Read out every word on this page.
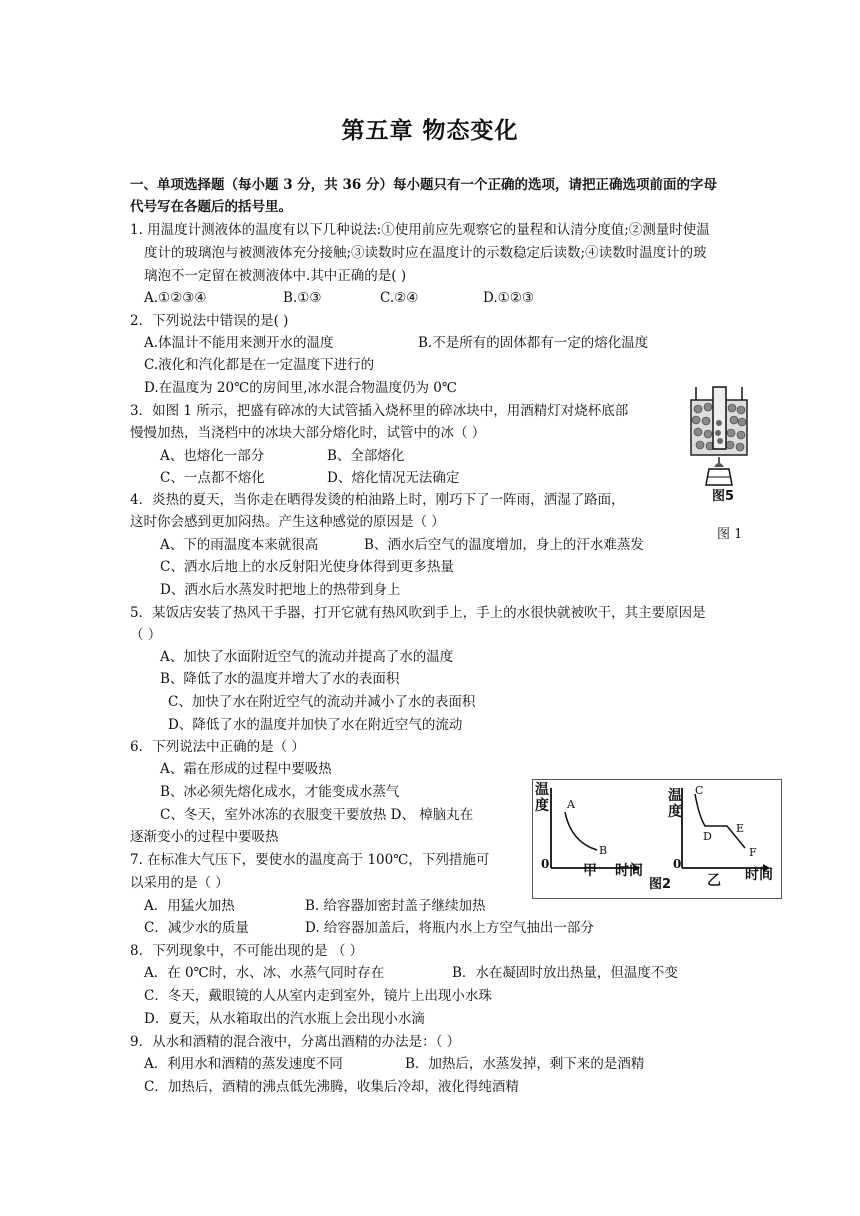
第五章 物态变化
一、单项选择题（每小题 3 分，共 36 分）每小题只有一个正确的选项，请把正确选项前面的字母
代号写在各题后的括号里。
1. 用温度计测液体的温度有以下几种说法:①使用前应先观察它的量程和认清分度值;②测量时使温
度计的玻璃泡与被测液体充分接触;③读数时应在温度计的示数稳定后读数;④读数时温度计的玻
璃泡不一定留在被测液体中.其中正确的是( )
A.①②③④	B.①③	C.②④	D.①②③
2．下列说法中错误的是( )
A.体温计不能用来测开水的温度	B.不是所有的固体都有一定的熔化温度
C.液化和汽化都是在一定温度下进行的
D.在温度为 20℃的房间里,冰水混合物温度仍为 0℃
3．如图 1 所示，把盛有碎冰的大试管插入烧杯里的碎冰块中，用酒精灯对烧杯底部
慢慢加热，当浇档中的冰块大部分熔化时，试管中的冰（ ）
A、也熔化一部分	B、全部熔化
C、一点都不熔化	D、熔化情况无法确定
图5
图 1
4．炎热的夏天，当你走在晒得发烫的柏油路上时，刚巧下了一阵雨，洒湿了路面，
这时你会感到更加闷热。产生这种感觉的原因是（ ）
A、下的雨温度本来就很高	B、洒水后空气的温度增加，身上的汗水难蒸发
C、洒水后地上的水反射阳光使身体得到更多热量
D、洒水后水蒸发时把地上的热带到身上
5．某饭店安装了热风干手器，打开它就有热风吹到手上，手上的水很快就被吹干，其主要原因是
（ ）
A、加快了水面附近空气的流动并提高了水的温度
B、降低了水的温度并增大了水的表面积
C、加快了水在附近空气的流动并减小了水的表面积
D、降低了水的温度并加快了水在附近空气的流动
6．下列说法中正确的是（ ）
A、霜在形成的过程中要吸热
B、冰必须先熔化成水，才能变成水蒸气
C、冬天，室外冰冻的衣服变干要放热 D、 樟脑丸在
逐渐变小的过程中要吸热
温度
温度
0	0
A
B
C
D
E
F
甲 时间
乙 时间
图2
7. 在标准大气压下，要使水的温度高于 100℃，下列措施可
以采用的是（ ）
A．用猛火加热	B. 给容器加密封盖子继续加热
C．减少水的质量	D. 给容器加盖后，将瓶内水上方空气抽出一部分
8．下列现象中，不可能出现的是 （ ）
A．在 0℃时，水、冰、水蒸气同时存在	B．水在凝固时放出热量，但温度不变
C．冬天，戴眼镜的人从室内走到室外，镜片上出现小水珠
D．夏天，从水箱取出的汽水瓶上会出现小水滴
9．从水和酒精的混合液中，分离出酒精的办法是：（ ）
A．利用水和酒精的蒸发速度不同	B．加热后，水蒸发掉，剩下来的是酒精
C．加热后，酒精的沸点低先沸腾，收集后冷却，液化得纯酒精
